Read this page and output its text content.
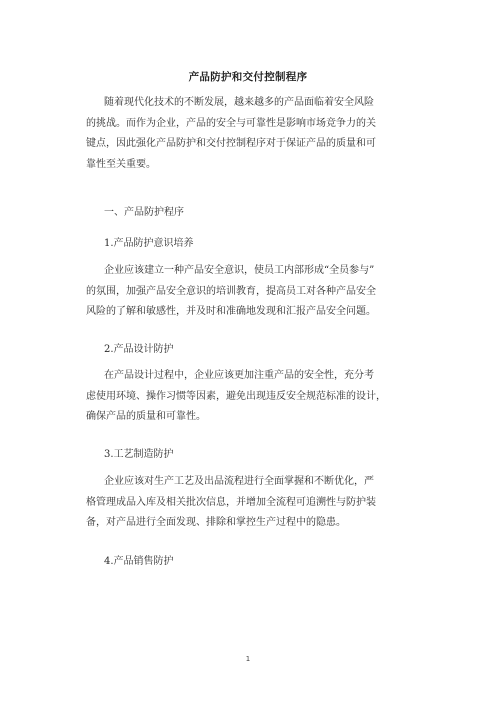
产品防护和交付控制程序
随着现代化技术的不断发展，越来越多的产品面临着安全风险
的挑战。而作为企业，产品的安全与可靠性是影响市场竞争力的关
键点，因此强化产品防护和交付控制程序对于保证产品的质量和可
靠性至关重要。
一、产品防护程序
1.产品防护意识培养
企业应该建立一种产品安全意识，使员工内部形成“全员参与”
的氛围，加强产品安全意识的培训教育，提高员工对各种产品安全
风险的了解和敏感性，并及时和准确地发现和汇报产品安全问题。
2.产品设计防护
在产品设计过程中，企业应该更加注重产品的安全性，充分考
虑使用环境、操作习惯等因素，避免出现违反安全规范标准的设计，
确保产品的质量和可靠性。
3.工艺制造防护
企业应该对生产工艺及出品流程进行全面掌握和不断优化，严
格管理成品入库及相关批次信息，并增加全流程可追溯性与防护装
备，对产品进行全面发现、排除和掌控生产过程中的隐患。
4.产品销售防护
1
